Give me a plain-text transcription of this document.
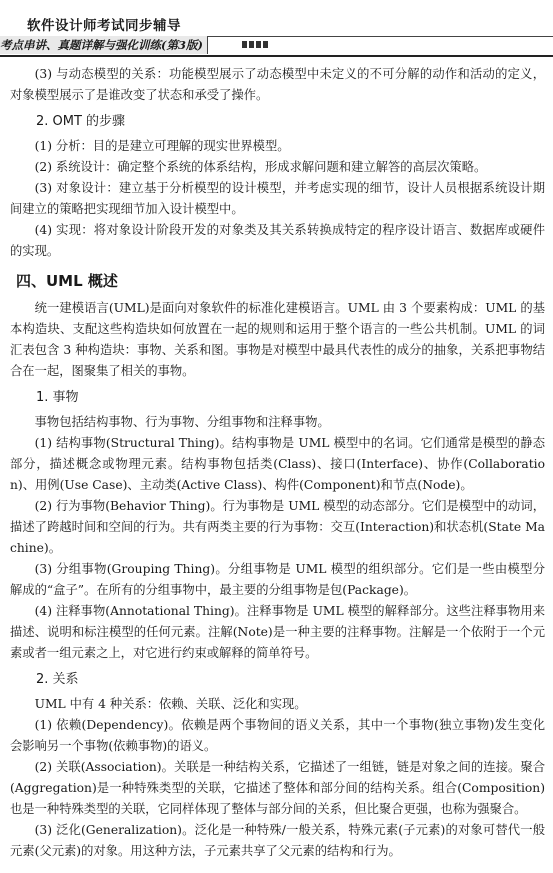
软件设计师考试同步辅导
考点串讲、真题详解与强化训练(第3版)

(3) 与动态模型的关系：功能模型展示了动态模型中未定义的不可分解的动作和活动的定义，对象模型展示了是谁改变了状态和承受了操作。

2. OMT 的步骤

(1) 分析：目的是建立可理解的现实世界模型。

(2) 系统设计：确定整个系统的体系结构，形成求解问题和建立解答的高层次策略。

(3) 对象设计：建立基于分析模型的设计模型，并考虑实现的细节，设计人员根据系统设计期间建立的策略把实现细节加入设计模型中。

(4) 实现：将对象设计阶段开发的对象类及其关系转换成特定的程序设计语言、数据库或硬件的实现。

四、UML 概述

统一建模语言(UML)是面向对象软件的标准化建模语言。UML 由 3 个要素构成：UML 的基本构造块、支配这些构造块如何放置在一起的规则和运用于整个语言的一些公共机制。UML 的词汇表包含 3 种构造块：事物、关系和图。事物是对模型中最具代表性的成分的抽象，关系把事物结合在一起，图聚集了相关的事物。

1. 事物

事物包括结构事物、行为事物、分组事物和注释事物。

(1) 结构事物(Structural Thing)。结构事物是 UML 模型中的名词。它们通常是模型的静态部分，描述概念或物理元素。结构事物包括类(Class)、接口(Interface)、协作(Collaboration)、用例(Use Case)、主动类(Active Class)、构件(Component)和节点(Node)。

(2) 行为事物(Behavior Thing)。行为事物是 UML 模型的动态部分。它们是模型中的动词，描述了跨越时间和空间的行为。共有两类主要的行为事物：交互(Interaction)和状态机(State Machine)。

(3) 分组事物(Grouping Thing)。分组事物是 UML 模型的组织部分。它们是一些由模型分解成的“盒子”。在所有的分组事物中，最主要的分组事物是包(Package)。

(4) 注释事物(Annotational Thing)。注释事物是 UML 模型的解释部分。这些注释事物用来描述、说明和标注模型的任何元素。注解(Note)是一种主要的注释事物。注解是一个依附于一个元素或者一组元素之上，对它进行约束或解释的简单符号。

2. 关系

UML 中有 4 种关系：依赖、关联、泛化和实现。

(1) 依赖(Dependency)。依赖是两个事物间的语义关系，其中一个事物(独立事物)发生变化会影响另一个事物(依赖事物)的语义。

(2) 关联(Association)。关联是一种结构关系，它描述了一组链，链是对象之间的连接。聚合(Aggregation)是一种特殊类型的关联，它描述了整体和部分间的结构关系。组合(Composition)也是一种特殊类型的关联，它同样体现了整体与部分间的关系，但比聚合更强，也称为强聚合。

(3) 泛化(Generalization)。泛化是一种特殊/一般关系，特殊元素(子元素)的对象可替代一般元素(父元素)的对象。用这种方法，子元素共享了父元素的结构和行为。
